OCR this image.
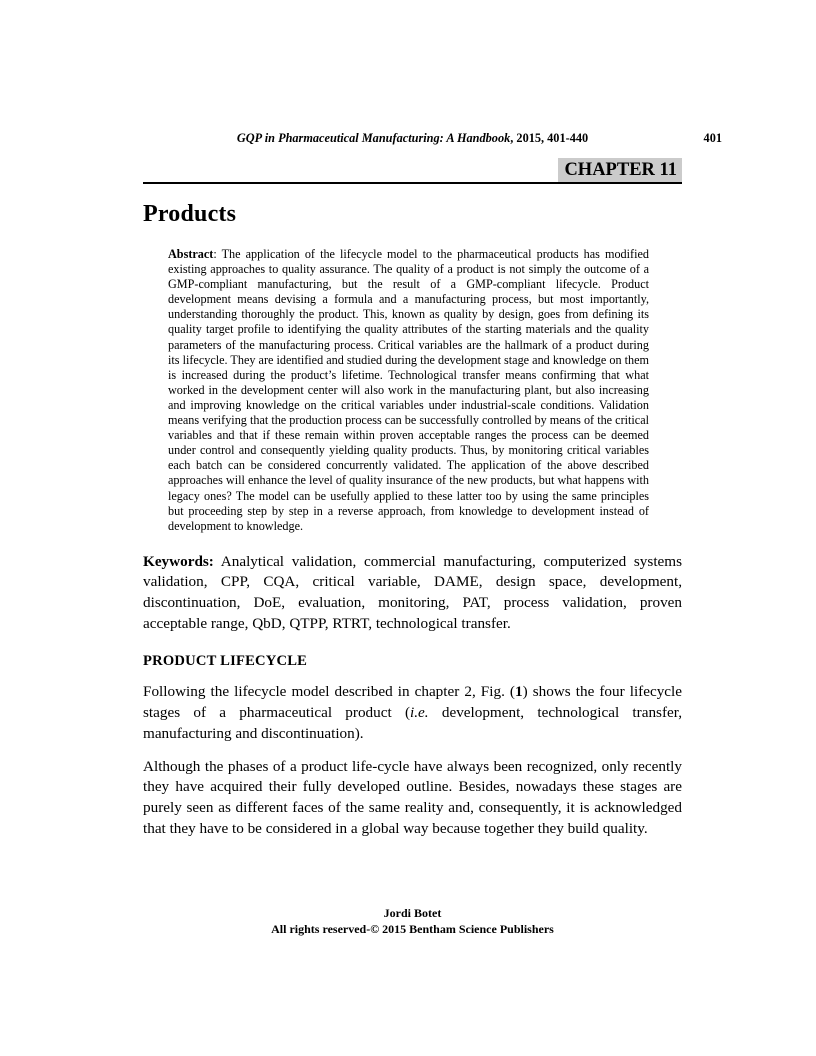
GQP in Pharmaceutical Manufacturing: A Handbook, 2015, 401-440	401
CHAPTER 11
Products

Abstract: The application of the lifecycle model to the pharmaceutical products has modified existing approaches to quality assurance. The quality of a product is not simply the outcome of a GMP-compliant manufacturing, but the result of a GMP-compliant lifecycle. Product development means devising a formula and a manufacturing process, but most importantly, understanding thoroughly the product. This, known as quality by design, goes from defining its quality target profile to identifying the quality attributes of the starting materials and the quality parameters of the manufacturing process. Critical variables are the hallmark of a product during its lifecycle. They are identified and studied during the development stage and knowledge on them is increased during the product’s lifetime. Technological transfer means confirming that what worked in the development center will also work in the manufacturing plant, but also increasing and improving knowledge on the critical variables under industrial-scale conditions. Validation means verifying that the production process can be successfully controlled by means of the critical variables and that if these remain within proven acceptable ranges the process can be deemed under control and consequently yielding quality products. Thus, by monitoring critical variables each batch can be considered concurrently validated. The application of the above described approaches will enhance the level of quality insurance of the new products, but what happens with legacy ones? The model can be usefully applied to these latter too by using the same principles but proceeding step by step in a reverse approach, from knowledge to development instead of development to knowledge.

Keywords: Analytical validation, commercial manufacturing, computerized systems validation, CPP, CQA, critical variable, DAME, design space, development, discontinuation, DoE, evaluation, monitoring, PAT, process validation, proven acceptable range, QbD, QTPP, RTRT, technological transfer.

PRODUCT LIFECYCLE

Following the lifecycle model described in chapter 2, Fig. (1) shows the four lifecycle stages of a pharmaceutical product (i.e. development, technological transfer, manufacturing and discontinuation).

Although the phases of a product life-cycle have always been recognized, only recently they have acquired their fully developed outline. Besides, nowadays these stages are purely seen as different faces of the same reality and, consequently, it is acknowledged that they have to be considered in a global way because together they build quality.

Jordi Botet
All rights reserved-© 2015 Bentham Science Publishers
